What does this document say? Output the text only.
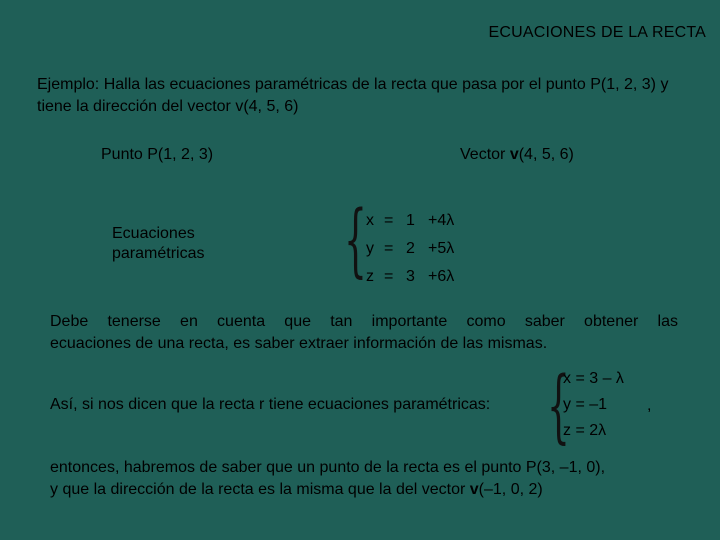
ECUACIONES DE LA RECTA
Ejemplo: Halla las ecuaciones paramétricas de la recta que pasa por el punto P(1, 2, 3) y tiene la dirección del vector v(4, 5, 6)
Punto P(1, 2, 3)	Vector v(4, 5, 6)
Ecuaciones paramétricas	{ x = 1 +4λ
y = 2 +5λ
z = 3 +6λ
Debe tenerse en cuenta que tan importante como saber obtener las
ecuaciones de una recta, es saber extraer información de las mismas.
Así, si nos dicen que la recta r tiene ecuaciones paramétricas: {
x = 3 – λ
y = –1
z = 2λ
,
entonces, habremos de saber que un punto de la recta es el punto P(3, –1, 0),
y que la dirección de la recta es la misma que la del vector v(–1, 0, 2)
